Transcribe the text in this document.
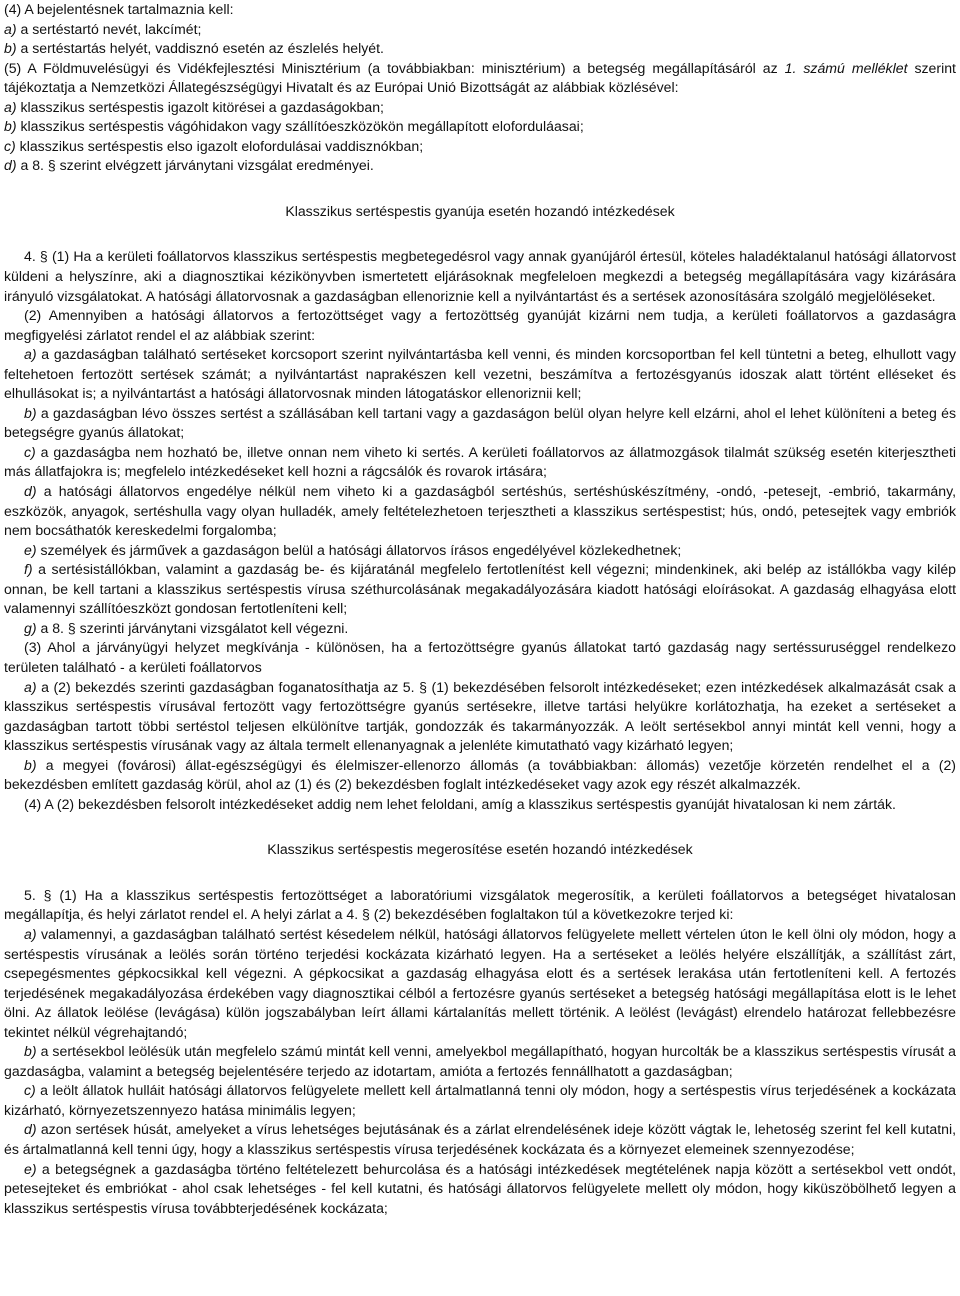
(4) A bejelentésnek tartalmaznia kell:

a) a sertéstartó nevét, lakcímét;

b) a sertéstartás helyét, vaddisznó esetén az észlelés helyét.

(5) A Földmuvelésügyi és Vidékfejlesztési Minisztérium (a továbbiakban: minisztérium) a betegség megállapításáról az 1. számú melléklet szerint tájékoztatja a Nemzetközi Állategészségügyi Hivatalt és az Európai Unió Bizottságát az alábbiak közlésével:

a) klasszikus sertéspestis igazolt kitörései a gazdaságokban;

b) klasszikus sertéspestis vágóhidakon vagy szállítóeszközökön megállapított eloforduláasai;

c) klasszikus sertéspestis elso igazolt elofordulásai vaddisznókban;

d) a 8. § szerint elvégzett járványtani vizsgálat eredményei.

Klasszikus sertéspestis gyanúja esetén hozandó intézkedések

4. § (1) Ha a kerületi foállatorvos klasszikus sertéspestis megbetegedésrol vagy annak gyanújáról értesül, köteles haladéktalanul hatósági állatorvost küldeni a helyszínre, aki a diagnosztikai kézikönyvben ismertetett eljárásoknak megfeleloen megkezdi a betegség megállapítására vagy kizárására irányuló vizsgálatokat. A hatósági állatorvosnak a gazdaságban ellenoriznie kell a nyilvántartást és a sertések azonosítására szolgáló megjelöléseket.

(2) Amennyiben a hatósági állatorvos a fertozöttséget vagy a fertozöttség gyanúját kizárni nem tudja, a kerületi foállatorvos a gazdaságra megfigyelési zárlatot rendel el az alábbiak szerint:

a) a gazdaságban található sertéseket korcsoport szerint nyilvántartásba kell venni, és minden korcsoportban fel kell tüntetni a beteg, elhullott vagy feltehetoen fertozött sertések számát; a nyilvántartást naprakészen kell vezetni, beszámítva a fertozésgyanús idoszak alatt történt elléseket és elhullásokat is; a nyilvántartást a hatósági állatorvosnak minden látogatáskor ellenoriznii kell;

b) a gazdaságban lévo összes sertést a szállásában kell tartani vagy a gazdaságon belül olyan helyre kell elzárni, ahol el lehet különíteni a beteg és betegségre gyanús állatokat;

c) a gazdaságba nem hozható be, illetve onnan nem viheto ki sertés. A kerületi foállatorvos az állatmozgások tilalmát szükség esetén kiterjesztheti más állatfajokra is; megfelelo intézkedéseket kell hozni a rágcsálók és rovarok irtására;

d) a hatósági állatorvos engedélye nélkül nem viheto ki a gazdaságból sertéshús, sertéshúskészítmény, -ondó, -petesejt, -embrió, takarmány, eszközök, anyagok, sertéshulla vagy olyan hulladék, amely feltételezhetoen terjesztheti a klasszikus sertéspestist; hús, ondó, petesejtek vagy embriók nem bocsáthatók kereskedelmi forgalomba;

e) személyek és járművek a gazdaságon belül a hatósági állatorvos írásos engedélyével közlekedhetnek;

f) a sertésistállókban, valamint a gazdaság be- és kijáratánál megfelelo fertotlenítést kell végezni; mindenkinek, aki belép az istállókba vagy kilép onnan, be kell tartani a klasszikus sertéspestis vírusa széthurcolásának megakadályozására kiadott hatósági eloírásokat. A gazdaság elhagyása elott valamennyi szállítóeszközt gondosan fertotleníteni kell;

g) a 8. § szerinti járványtani vizsgálatot kell végezni.

(3) Ahol a járványügyi helyzet megkívánja - különösen, ha a fertozöttségre gyanús állatokat tartó gazdaság nagy sertéssuruséggel rendelkezo területen található - a kerületi foállatorvos

a) a (2) bekezdés szerinti gazdaságban foganatosíthatja az 5. § (1) bekezdésében felsorolt intézkedéseket; ezen intézkedések alkalmazását csak a klasszikus sertéspestis vírusával fertozött vagy fertozöttségre gyanús sertésekre, illetve tartási helyükre korlátozhatja, ha ezeket a sertéseket a gazdaságban tartott többi sertéstol teljesen elkülönítve tartják, gondozzák és takarmányozzák. A leölt sertésekbol annyi mintát kell venni, hogy a klasszikus sertéspestis vírusának vagy az általa termelt ellenanyagnak a jelenléte kimutatható vagy kizárható legyen;

b) a megyei (fovárosi) állat-egészségügyi és élelmiszer-ellenorzo állomás (a továbbiakban: állomás) vezetője körzetén rendelhet el a (2) bekezdésben említett gazdaság körül, ahol az (1) és (2) bekezdésben foglalt intézkedéseket vagy azok egy részét alkalmazzék.

(4) A (2) bekezdésben felsorolt intézkedéseket addig nem lehet feloldani, amíg a klasszikus sertéspestis gyanúját hivatalosan ki nem zárták.

Klasszikus sertéspestis megerosítése esetén hozandó intézkedések

5. § (1) Ha a klasszikus sertéspestis fertozöttséget a laboratóriumi vizsgálatok megerosítik, a kerületi foállatorvos a betegséget hivatalosan megállapítja, és helyi zárlatot rendel el. A helyi zárlat a 4. § (2) bekezdésében foglaltakon túl a következokre terjed ki:

a) valamennyi, a gazdaságban található sertést késedelem nélkül, hatósági állatorvos felügyelete mellett vértelen úton le kell ölni oly módon, hogy a sertéspestis vírusának a leölés során történo terjedési kockázata kizárható legyen. Ha a sertéseket a leölés helyére elszállítják, a szállítást zárt, csepegésmentes gépkocsikkal kell végezni. A gépkocsikat a gazdaság elhagyása elott és a sertések lerakása után fertotleníteni kell. A fertozés terjedésének megakadályozása érdekében vagy diagnosztikai célból a fertozésre gyanús sertéseket a betegség hatósági megállapítása elott is le lehet ölni. Az állatok leölése (levágása) külön jogszabályban leírt állami kártalanítás mellett történik. A leölést (levágást) elrendelo határozat fellebbezésre tekintet nélkül végrehajtandó;

b) a sertésekbol leölésük után megfelelo számú mintát kell venni, amelyekbol megállapítható, hogyan hurcolták be a klasszikus sertéspestis vírusát a gazdaságba, valamint a betegség bejelentésére terjedo az idotartam, amióta a fertozés fennállhatott a gazdaságban;

c) a leölt állatok hulláit hatósági állatorvos felügyelete mellett kell ártalmatlanná tenni oly módon, hogy a sertéspestis vírus terjedésének a kockázata kizárható, környezetszennyezo hatása minimális legyen;

d) azon sertések húsát, amelyeket a vírus lehetséges bejutásának és a zárlat elrendelésének ideje között vágtak le, lehetoség szerint fel kell kutatni, és ártalmatlanná kell tenni úgy, hogy a klasszikus sertéspestis vírusa terjedésének kockázata és a környezet elemeinek szennyezodése;

e) a betegségnek a gazdaságba történo feltételezett behurcolása és a hatósági intézkedések megtételének napja között a sertésekbol vett ondót, petesejteket és embriókat - ahol csak lehetséges - fel kell kutatni, és hatósági állatorvos felügyelete mellett oly módon, hogy kiküszöbölhető legyen a klasszikus sertéspestis vírusa továbbterjedésének kockázata;
